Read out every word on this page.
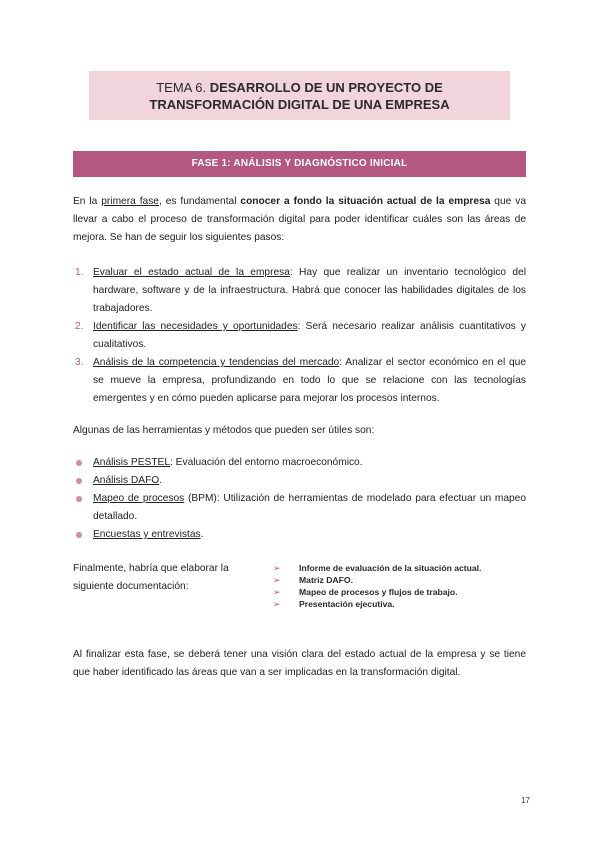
TEMA 6. DESARROLLO DE UN PROYECTO DE
TRANSFORMACIÓN DIGITAL DE UNA EMPRESA
FASE 1: ANÁLISIS Y DIAGNÓSTICO INICIAL

En la primera fase, es fundamental conocer a fondo la situación actual de la empresa que va llevar a cabo el proceso de transformación digital para poder identificar cuáles son las áreas de mejora. Se han de seguir los siguientes pasos:

1. Evaluar el estado actual de la empresa: Hay que realizar un inventario tecnológico del hardware, software y de la infraestructura. Habrá que conocer las habilidades digitales de los trabajadores.
2. Identificar las necesidades y oportunidades: Será necesario realizar análisis cuantitativos y cualitativos.
3. Análisis de la competencia y tendencias del mercado: Analizar el sector económico en el que se mueve la empresa, profundizando en todo lo que se relacione con las tecnologías emergentes y en cómo pueden aplicarse para mejorar los procesos internos.

Algunas de las herramientas y métodos que pueden ser útiles son:

Análisis PESTEL: Evaluación del entorno macroeconómico.
Análisis DAFO.
Mapeo de procesos (BPM): Utilización de herramientas de modelado para efectuar un mapeo detallado.
Encuestas y entrevistas.
Finalmente, habría que elaborar la siguiente documentación:
➢ Informe de evaluación de la situación actual.
➢ Matriz DAFO.
➢ Mapeo de procesos y flujos de trabajo.
➢ Presentación ejecutiva.

Al finalizar esta fase, se deberá tener una visión clara del estado actual de la empresa y se tiene que haber identificado las áreas que van a ser implicadas en la transformación digital.

17
